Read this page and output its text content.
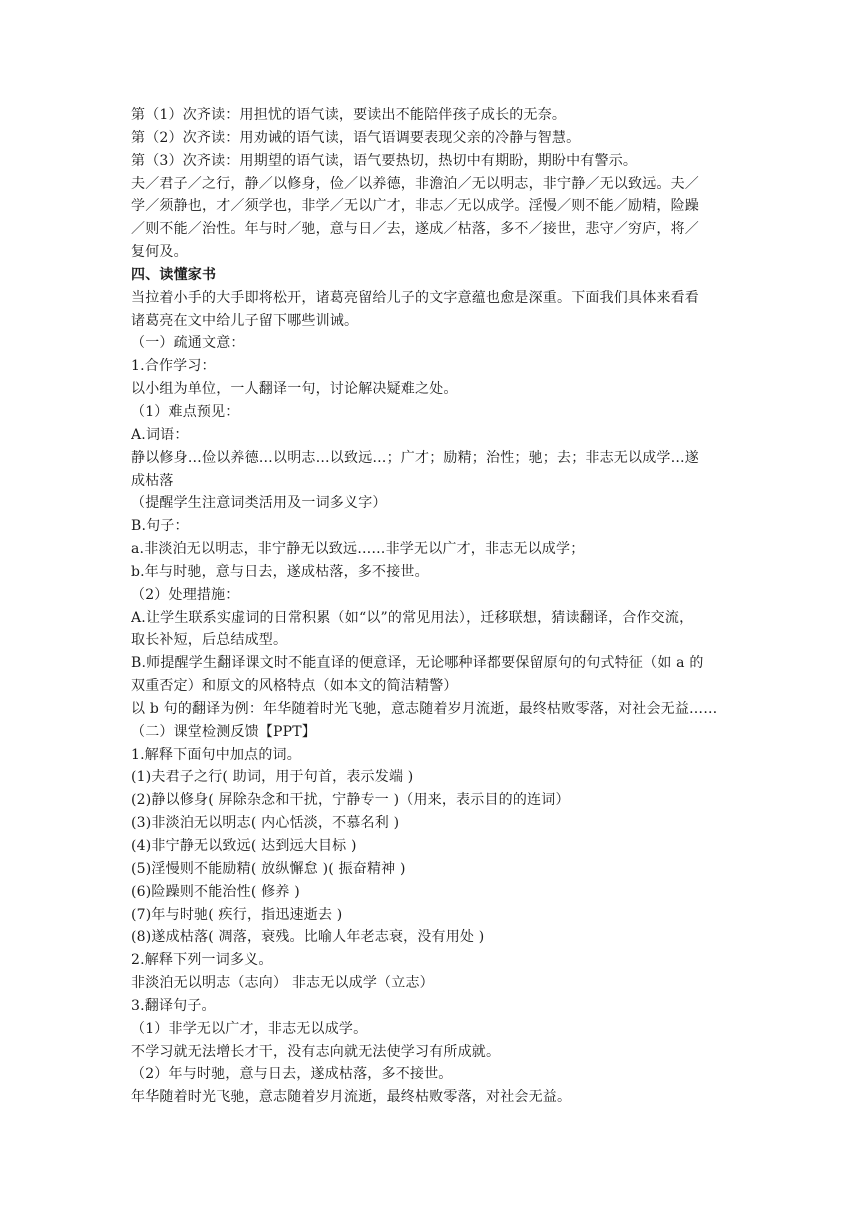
第（1）次齐读：用担忧的语气读，要读出不能陪伴孩子成长的无奈。
第（2）次齐读：用劝诫的语气读，语气语调要表现父亲的冷静与智慧。
第（3）次齐读：用期望的语气读，语气要热切，热切中有期盼，期盼中有警示。
夫／君子／之行，静／以修身，俭／以养德，非澹泊／无以明志，非宁静／无以致远。夫／
学／须静也，才／须学也，非学／无以广才，非志／无以成学。淫慢／则不能／励精，险躁
／则不能／治性。年与时／驰，意与日／去，遂成／枯落，多不／接世，悲守／穷庐，将／
复何及。
四、读懂家书
当拉着小手的大手即将松开，诸葛亮留给儿子的文字意蕴也愈是深重。下面我们具体来看看
诸葛亮在文中给儿子留下哪些训诫。
（一）疏通文意：
1.合作学习：
以小组为单位，一人翻译一句，讨论解决疑难之处。
（1）难点预见：
A.词语：
静以修身…俭以养德…以明志…以致远…；广才；励精；治性；驰；去；非志无以成学…遂
成枯落
（提醒学生注意词类活用及一词多义字）
B.句子：
a.非淡泊无以明志，非宁静无以致远……非学无以广才，非志无以成学；
b.年与时驰，意与日去，遂成枯落，多不接世。
（2）处理措施：
A.让学生联系实虚词的日常积累（如“以”的常见用法），迁移联想，猜读翻译，合作交流，
取长补短，后总结成型。
B.师提醒学生翻译课文时不能直译的便意译，无论哪种译都要保留原句的句式特征（如 a 的
双重否定）和原文的风格特点（如本文的简洁精警）
以 b 句的翻译为例：年华随着时光飞驰，意志随着岁月流逝，最终枯败零落，对社会无益……
（二）课堂检测反馈【PPT】
1.解释下面句中加点的词。
(1)夫君子之行( 助词，用于句首，表示发端 )
(2)静以修身( 屏除杂念和干扰，宁静专一 )（用来，表示目的的连词）
(3)非淡泊无以明志( 内心恬淡，不慕名利 )
(4)非宁静无以致远( 达到远大目标 )
(5)淫慢则不能励精( 放纵懈怠 )( 振奋精神 )
(6)险躁则不能治性( 修养 )
(7)年与时驰( 疾行，指迅速逝去 )
(8)遂成枯落( 凋落，衰残。比喻人年老志衰，没有用处 )
2.解释下列一词多义。
非淡泊无以明志（志向） 非志无以成学（立志）
3.翻译句子。
（1）非学无以广才，非志无以成学。
不学习就无法增长才干，没有志向就无法使学习有所成就。
（2）年与时驰，意与日去，遂成枯落，多不接世。
年华随着时光飞驰，意志随着岁月流逝，最终枯败零落，对社会无益。
